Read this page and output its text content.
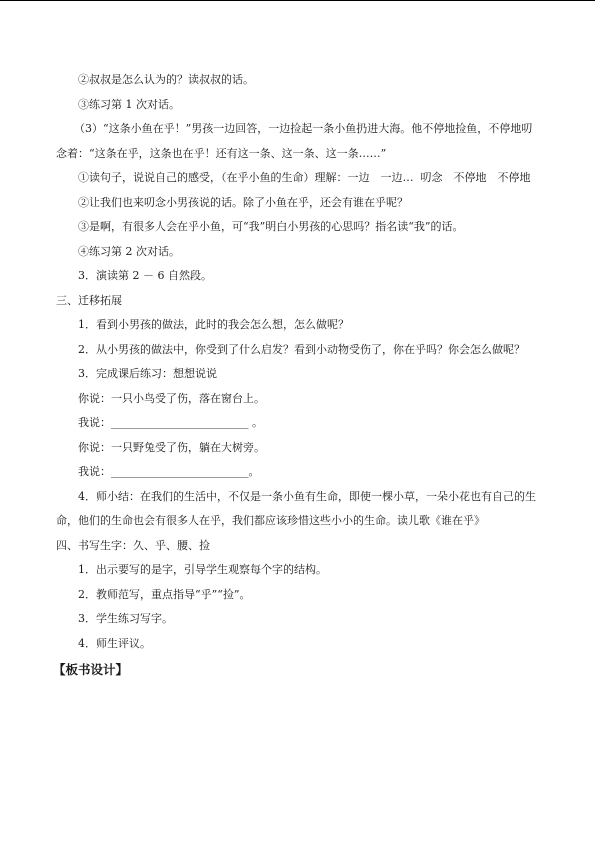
②叔叔是怎么认为的？读叔叔的话。

③练习第 1 次对话。

（3）“这条小鱼在乎！”男孩一边回答，一边捡起一条小鱼扔进大海。他不停地捡鱼，不停地叨念着：“这条在乎，这条也在乎！还有这一条、这一条、这一条……”

①读句子，说说自己的感受，（在乎小鱼的生命）理解：一边　一边…  叨念　不停地　不停地

②让我们也来叨念小男孩说的话。除了小鱼在乎，还会有谁在乎呢？

③是啊，有很多人会在乎小鱼，可“我”明白小男孩的心思吗？指名读“我”的话。

④练习第 2 次对话。

3．演读第 2 － 6 自然段。

三、迁移拓展

1．看到小男孩的做法，此时的我会怎么想，怎么做呢？

2．从小男孩的做法中，你受到了什么启发？看到小动物受伤了，你在乎吗？你会怎么做呢？

3．完成课后练习：想想说说

你说：一只小鸟受了伤，落在窗台上。

我说：_________________________ 。

你说：一只野兔受了伤，躺在大树旁。

我说：_________________________。

4．师小结：在我们的生活中，不仅是一条小鱼有生命，即使一棵小草，一朵小花也有自己的生命，他们的生命也会有很多人在乎，我们都应该珍惜这些小小的生命。读儿歌《谁在乎》

四、书写生字：久、乎、腰、捡

1．出示要写的是字，引导学生观察每个字的结构。

2．教师范写，重点指导“乎”“捡”。

3．学生练习写字。

4．师生评议。

【板书设计】
